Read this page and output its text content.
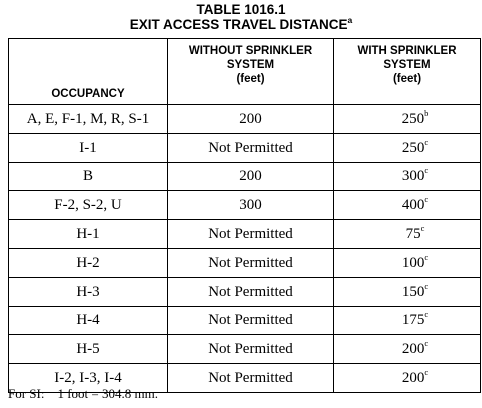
TABLE 1016.1
EXIT ACCESS TRAVEL DISTANCE$^a$
OCCUPANCY	WITHOUT SPRINKLER
SYSTEM
(feet)	WITH SPRINKLER
SYSTEM
(feet)

A, E, F-1, M, R, S-1	200	250$^b$
I-1	Not Permitted	250$^c$
B	200	300$^c$
F-2, S-2, U	300	400$^c$
H-1	Not Permitted	75$^c$
H-2	Not Permitted	100$^c$
H-3	Not Permitted	150$^c$
H-4	Not Permitted	175$^c$
H-5	Not Permitted	200$^c$
I-2, I-3, I-4	Not Permitted	200$^c$
For SI:    1 foot = 304.8 mm.
